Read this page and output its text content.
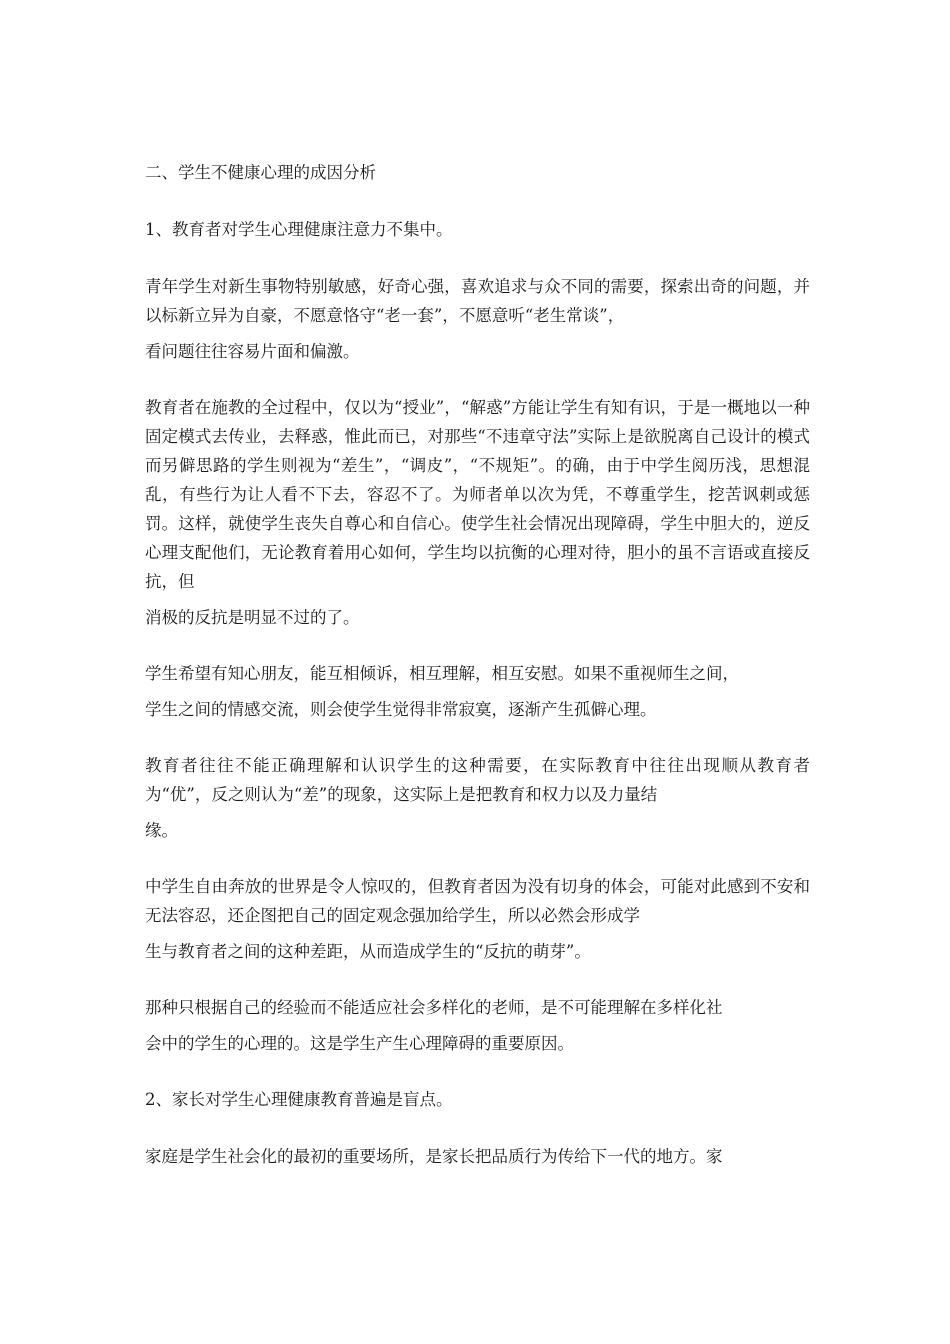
二、学生不健康心理的成因分析

1、教育者对学生心理健康注意力不集中。

青年学生对新生事物特别敏感，好奇心强，喜欢追求与众不同的需要，探索出奇的问题，并以标新立异为自豪，不愿意恪守“老一套”，不愿意听“老生常谈”，
看问题往往容易片面和偏激。

教育者在施教的全过程中，仅以为“授业”，“解惑”方能让学生有知有识，于是一概地以一种固定模式去传业，去释惑，惟此而已，对那些“不违章守法”实际上是欲脱离自己设计的模式而另僻思路的学生则视为“差生”，“调皮”，“不规矩”。的确，由于中学生阅历浅，思想混乱，有些行为让人看不下去，容忍不了。为师者单以次为凭，不尊重学生，挖苦讽刺或惩罚。这样，就使学生丧失自尊心和自信心。使学生社会情况出现障碍，学生中胆大的，逆反心理支配他们，无论教育着用心如何，学生均以抗衡的心理对待，胆小的虽不言语或直接反抗，但
消极的反抗是明显不过的了。

学生希望有知心朋友，能互相倾诉，相互理解，相互安慰。如果不重视师生之间，
学生之间的情感交流，则会使学生觉得非常寂寞，逐渐产生孤僻心理。

教育者往往不能正确理解和认识学生的这种需要，在实际教育中往往出现顺从教育者为“优”，反之则认为“差”的现象，这实际上是把教育和权力以及力量结
缘。

中学生自由奔放的世界是令人惊叹的，但教育者因为没有切身的体会，可能对此感到不安和无法容忍，还企图把自己的固定观念强加给学生，所以必然会形成学
生与教育者之间的这种差距，从而造成学生的“反抗的萌芽”。

那种只根据自己的经验而不能适应社会多样化的老师，是不可能理解在多样化社
会中的学生的心理的。这是学生产生心理障碍的重要原因。

2、家长对学生心理健康教育普遍是盲点。

家庭是学生社会化的最初的重要场所，是家长把品质行为传给下一代的地方。家
